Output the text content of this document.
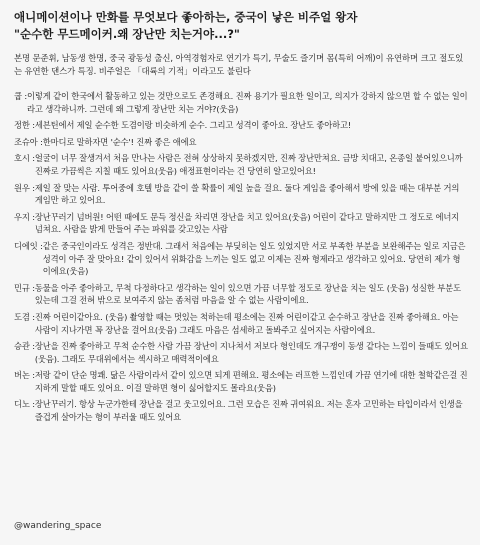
애니메이션이나 만화를 무엇보다 좋아하는, 중국이 낳은 비주얼 왕자
"순수한 무드메이커.왜 장난만 치는거야...?"
본명 문준휘, 남동생 한명, 중국 광동성 출신, 아역경험자로 연기가 특기, 무술도 즐기며 몸(특히 어깨)이 유연하며 크고 절도있는 유연한 댄스가 특징. 비주얼은 「대륙의 기적」이라고도 불린다
쿱 : 이렇게 같이 한국에서 활동하고 있는 것만으로도 존경해요. 진짜 용기가 필요한 일이고, 의지가 강하지 않으면 할 수 없는 일이라고 생각하니까. 그런데 왜 그렇게 장난만 치는 거야?(웃음)
정한 : 세븐틴에서 제일 순수한 도겸이랑 비슷하게 순수. 그리고 성격이 좋아요. 장난도 좋아하고!
조슈아 : 한마디로 말하자면 '순수'! 진짜 좋은 애에요
호시 : 얼굴이 너무 잘생겨서 처음 만나는 사람은 전혀 상상하지 못하겠지만, 진짜 장난만쳐요. 금방 치대고, 온종일 붙어있으니까 진짜로 가끔씩은 지칠 때도 있어요(웃음) 애정표현이라는 건 당연히 알고있어요!
원우 : 제일 잘 맞는 사람. 투어중에 호텔 방을 같이 쓸 확률이 제일 높을 걸요. 둘다 게임을 좋아해서 방에 있을 때는 대부분 거의 게임만 하고 있어요.
우지 : 장난꾸러기 넘버원! 어떤 때에도 문득 정신을 차리면 장난을 치고 있어요(웃음) 어린이 같다고 말하지만 그 정도로 에너지 넘쳐요. 사람을 밝게 만들어 주는 파워를 갖고있는 사람
디에잇 : 같은 중국인이라도 성격은 정반대. 그래서 처음에는 부딪히는 일도 있었지만 서로 부족한 부분을 보완해주는 일로 지금은 성격이 아주 잘 맞아요! 같이 있어서 위화감을 느끼는 일도 없고 이제는 진짜 형제라고 생각하고 있어요. 당연히 제가 형이에요(웃음)
민규 : 동물을 아주 좋아하고, 무척 다정하다고 생각하는 일이 있으면 가끔 너무할 정도로 장난을 치는 일도 (웃음) 성실한 부분도 있는데 그걸 전혀 밖으로 보여주지 않는 좀처럼 마음을 알 수 없는 사람이에요.
도겸 : 진짜 어린이같아요. (웃음) 촬영할 때는 멋있는 척하는데 평소에는 진짜 어린이같고 순수하고 장난을 진짜 좋아해요. 아는 사람이 지나가면 꼭 장난을 걸어요(웃음) 그래도 마음은 섬세하고 돌봐주고 싶어지는 사람이에요.
승관 : 장난을 진짜 좋아하고 무척 순수한 사람 가끔 장난이 지나쳐서 저보다 형인데도 개구쟁이 동생 같다는 느낌이 들때도 있어요(웃음). 그래도 무대위에서는 섹시하고 매력적이에요
버논 : 저랑 같이 단순 명쾌. 닮은 사람이라서 같이 있으면 되게 편해요. 평소에는 러프한 느낌인데 가끔 연기에 대한 철학같은걸 진지하게 말할 때도 있어요. 이걸 말하면 형이 싫어할지도 몰라요(웃음)
디노 : 장난꾸러기. 항상 누군가한테 장난을 걸고 웃고있어요. 그런 모습은 진짜 귀여워요. 저는 혼자 고민하는 타입이라서 인생을 즐겁게 살아가는 형이 부러울 때도 있어요
@wandering_space
